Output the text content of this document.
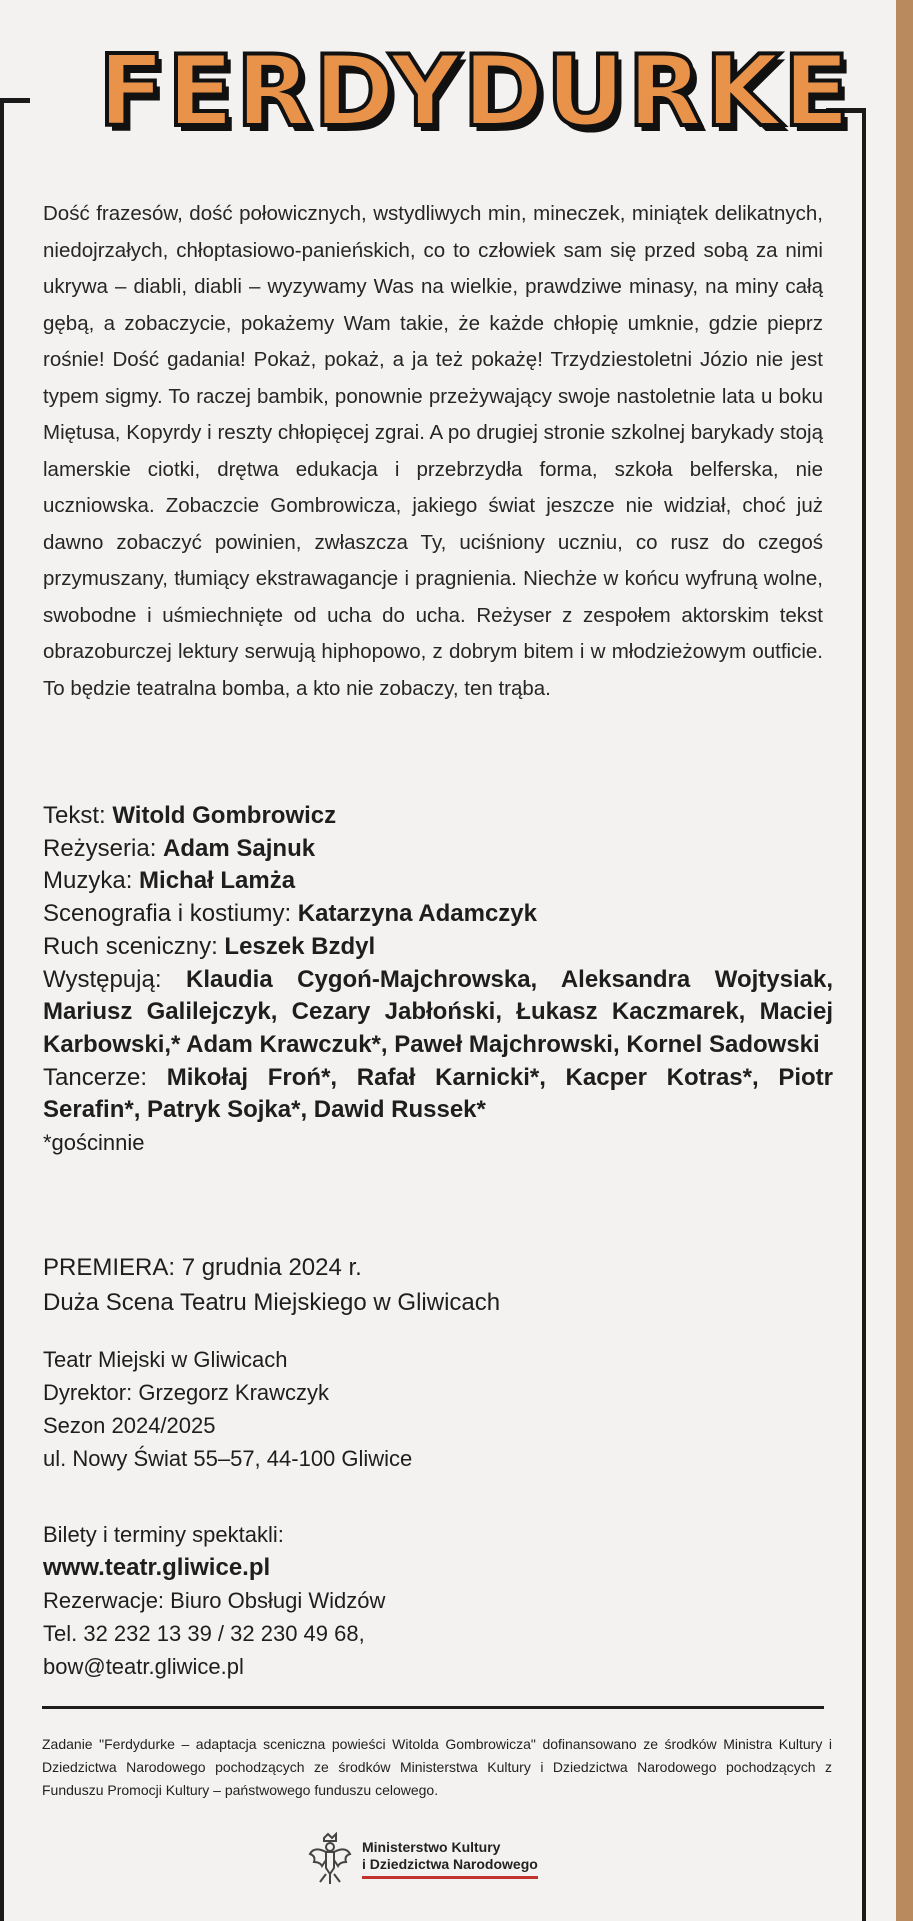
FERDYDURKE

Dość frazesów, dość połowicznych, wstydliwych min, mineczek, miniątek delikatnych, niedojrzałych, chłoptasiowo-panieńskich, co to człowiek sam się przed sobą za nimi ukrywa – diabli, diabli – wyzywamy Was na wielkie, prawdziwe minasy, na miny całą gębą, a zobaczycie, pokażemy Wam takie, że każde chłopię umknie, gdzie pieprz rośnie! Dość gadania! Pokaż, pokaż, a ja też pokażę! Trzydziestoletni Józio nie jest typem sigmy. To raczej bambik, ponownie przeżywający swoje nastoletnie lata u boku Miętusa, Kopyrdy i reszty chłopięcej zgrai. A po drugiej stronie szkolnej barykady stoją lamerskie ciotki, drętwa edukacja i przebrzydła forma, szkoła belferska, nie uczniowska. Zobaczcie Gombrowicza, jakiego świat jeszcze nie widział, choć już dawno zobaczyć powinien, zwłaszcza Ty, uciśniony uczniu, co rusz do czegoś przymuszany, tłumiący ekstrawagancje i pragnienia. Niechże w końcu wyfruną wolne, swobodne i uśmiechnięte od ucha do ucha. Reżyser z zespołem aktorskim tekst obrazoburczej lektury serwują hiphopowo, z dobrym bitem i w młodzieżowym outficie. To będzie teatralna bomba, a kto nie zobaczy, ten trąba.

Tekst: Witold Gombrowicz

Reżyseria: Adam Sajnuk

Muzyka: Michał Lamża

Scenografia i kostiumy: Katarzyna Adamczyk

Ruch sceniczny: Leszek Bzdyl

Występują: Klaudia Cygoń-Majchrowska, Aleksandra Wojtysiak, Mariusz Galilejczyk, Cezary Jabłoński, Łukasz Kaczmarek, Maciej Karbowski,* Adam Krawczuk*, Paweł Majchrowski, Kornel Sadowski

Tancerze: Mikołaj Froń*, Rafał Karnicki*, Kacper Kotras*, Piotr Serafin*, Patryk Sojka*, Dawid Russek*

*gościnnie

PREMIERA: 7 grudnia 2024 r.

Duża Scena Teatru Miejskiego w Gliwicach

Teatr Miejski w Gliwicach

Dyrektor: Grzegorz Krawczyk

Sezon 2024/2025

ul. Nowy Świat 55–57, 44-100 Gliwice

Bilety i terminy spektakli:

www.teatr.gliwice.pl

Rezerwacje: Biuro Obsługi Widzów

Tel. 32 232 13 39 / 32 230 49 68,

bow@teatr.gliwice.pl

Zadanie "Ferdydurke – adaptacja sceniczna powieści Witolda Gombrowicza" dofinansowano ze środków Ministra Kultury i Dziedzictwa Narodowego pochodzących ze środków Ministerstwa Kultury i Dziedzictwa Narodowego pochodzących z Funduszu Promocji Kultury – państwowego funduszu celowego.

Ministerstwo Kultury
i Dziedzictwa Narodowego
